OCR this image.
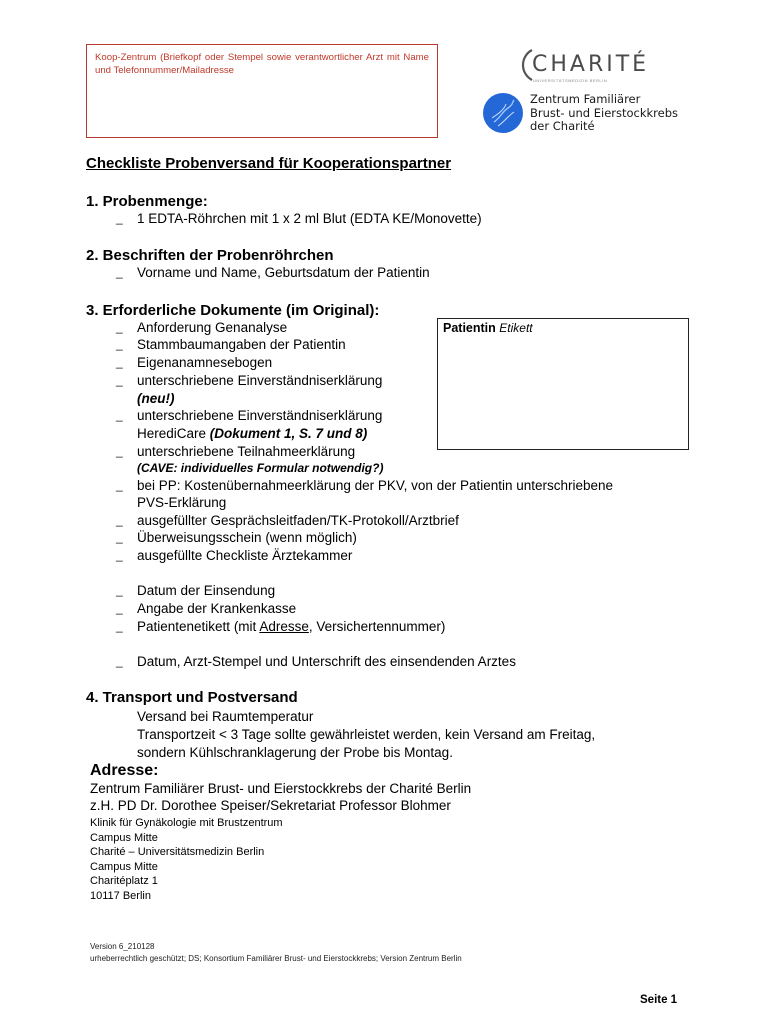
Koop-Zentrum (Briefkopf oder Stempel sowie verantwortlicher Arzt mit Name und Telefonnummer/Mailadresse	CHARITÉ
UNIVERSITÄTSMEDIZIN BERLIN
Zentrum Familiärer
Brust- und Eierstockkrebs
der Charité
Checkliste Probenversand für Kooperationspartner
1. Probenmenge:
_	1 EDTA-Röhrchen mit 1 x 2 ml Blut (EDTA KE/Monovette)
2. Beschriften der Probenröhrchen
_	Vorname und Name, Geburtsdatum der Patientin
3. Erforderliche Dokumente (im Original):
Patientin Etikett
_	Anforderung Genanalyse
_	Stammbaumangaben der Patientin
_	Eigenanamnesebogen
_	unterschriebene Einverständniserklärung
(neu!)
_	unterschriebene Einverständniserklärung
HerediCare (Dokument 1, S. 7 und 8)
_	unterschriebene Teilnahmeerklärung
(CAVE: individuelles Formular notwendig?)
_	bei PP: Kostenübernahmeerklärung der PKV, von der Patientin unterschriebene
PVS-Erklärung
_	ausgefüllter Gesprächsleitfaden/TK-Protokoll/Arztbrief
_	Überweisungsschein (wenn möglich)
_	ausgefüllte Checkliste Ärztekammer
_	Datum der Einsendung
_	Angabe der Krankenkasse
_	Patientenetikett (mit Adresse, Versichertennummer)
_	Datum, Arzt-Stempel und Unterschrift des einsendenden Arztes
4. Transport und Postversand
Versand bei Raumtemperatur
Transportzeit < 3 Tage sollte gewährleistet werden, kein Versand am Freitag,
sondern Kühlschranklagerung der Probe bis Montag.
Adresse:
Zentrum Familiärer Brust- und Eierstockkrebs der Charité Berlin
z.H. PD Dr. Dorothee Speiser/Sekretariat Professor Blohmer
Klinik für Gynäkologie mit Brustzentrum
Campus Mitte
Charité – Universitätsmedizin Berlin
Campus Mitte
Charitéplatz 1
10117 Berlin
Version 6_210128
urheberrechtlich geschützt; DS; Konsortium Familiärer Brust- und Eierstockkrebs; Version Zentrum Berlin
Seite 1
